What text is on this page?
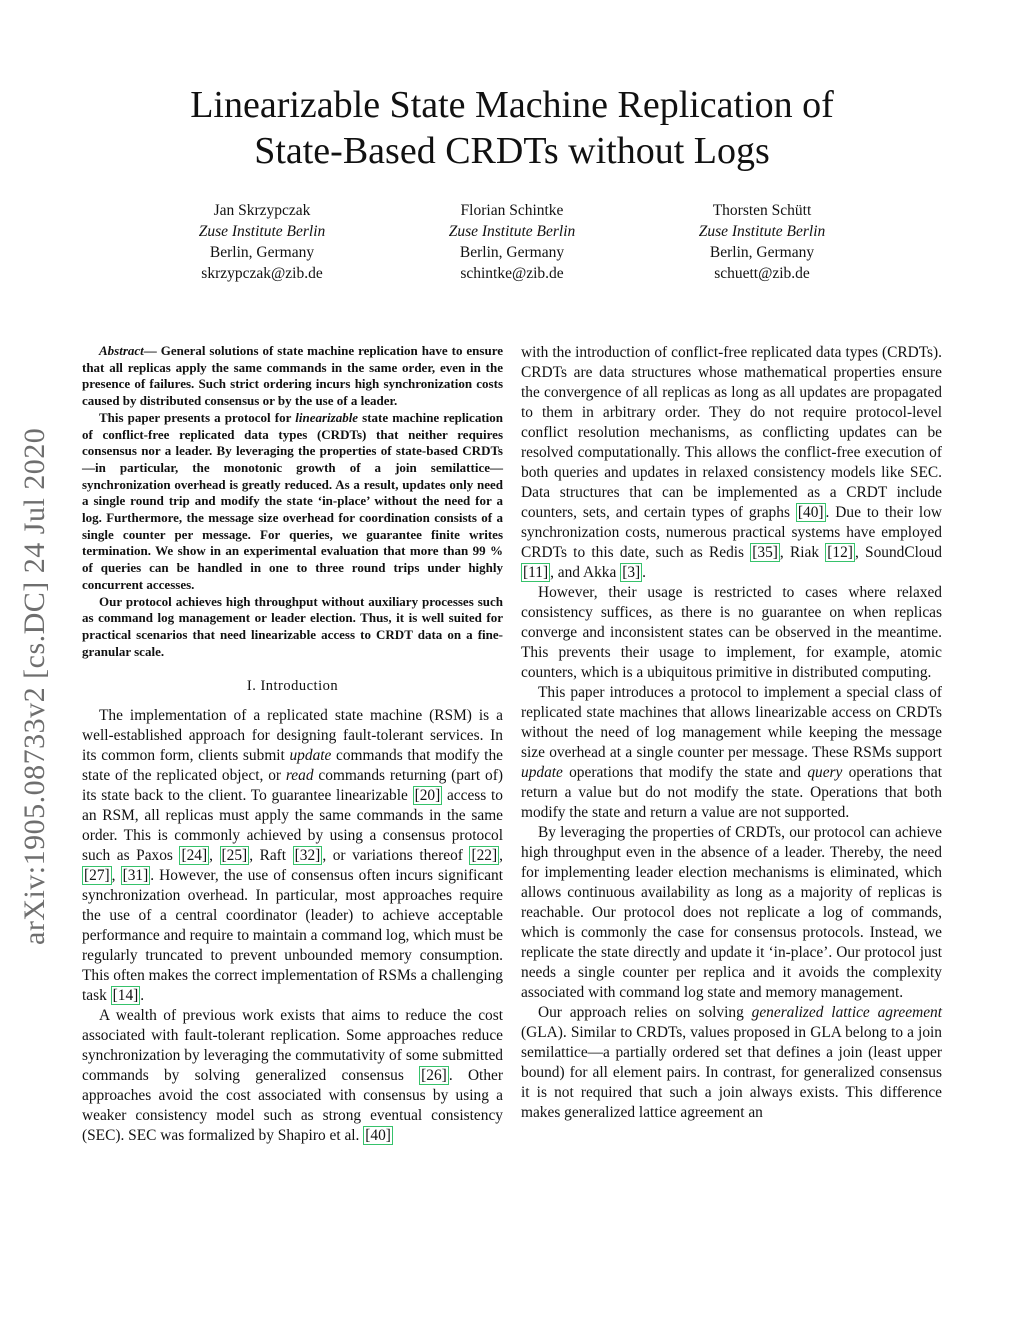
arXiv:1905.08733v2 [cs.DC] 24 Jul 2020
Linearizable State Machine Replication of
State-Based CRDTs without Logs
Jan Skrzypczak
Zuse Institute Berlin
Berlin, Germany
skrzypczak@zib.de
Florian Schintke
Zuse Institute Berlin
Berlin, Germany
schintke@zib.de
Thorsten Schütt
Zuse Institute Berlin
Berlin, Germany
schuett@zib.de

Abstract— General solutions of state machine replication have to ensure that all replicas apply the same commands in the same order, even in the presence of failures. Such strict ordering incurs high synchronization costs caused by distributed consensus or by the use of a leader.

This paper presents a protocol for linearizable state machine replication of conflict-free replicated data types (CRDTs) that neither requires consensus nor a leader. By leveraging the properties of state-based CRDTs—in particular, the monotonic growth of a join semilattice—synchronization overhead is greatly reduced. As a result, updates only need a single round trip and modify the state ‘in-place’ without the need for a log. Furthermore, the message size overhead for coordination consists of a single counter per message. For queries, we guarantee finite writes termination. We show in an experimental evaluation that more than 99 % of queries can be handled in one to three round trips under highly concurrent accesses.

Our protocol achieves high throughput without auxiliary processes such as command log management or leader election. Thus, it is well suited for practical scenarios that need linearizable access to CRDT data on a fine-granular scale.

I. Introduction

The implementation of a replicated state machine (RSM) is a well-established approach for designing fault-tolerant services. In its common form, clients submit update commands that modify the state of the replicated object, or read commands returning (part of) its state back to the client. To guarantee linearizable [20] access to an RSM, all replicas must apply the same commands in the same order. This is commonly achieved by using a consensus protocol such as Paxos [24] , [25] , Raft [32] , or variations thereof [22] , [27] , [31] . However, the use of consensus often incurs significant synchronization overhead. In particular, most approaches require the use of a central coordinator (leader) to achieve acceptable performance and require to maintain a command log, which must be regularly truncated to prevent unbounded memory consumption. This often makes the correct implementation of RSMs a challenging task [14] .

A wealth of previous work exists that aims to reduce the cost associated with fault-tolerant replication. Some approaches reduce synchronization by leveraging the commutativity of some submitted commands by solving generalized consensus [26] . Other approaches avoid the cost associated with consensus by using a weaker consistency model such as strong eventual consistency (SEC). SEC was formalized by Shapiro et al. [40]

with the introduction of conflict-free replicated data types (CRDTs). CRDTs are data structures whose mathematical properties ensure the convergence of all replicas as long as all updates are propagated to them in arbitrary order. They do not require protocol-level conflict resolution mechanisms, as conflicting updates can be resolved computationally. This allows the conflict-free execution of both queries and updates in relaxed consistency models like SEC. Data structures that can be implemented as a CRDT include counters, sets, and certain types of graphs [40] . Due to their low synchronization costs, numerous practical systems have employed CRDTs to this date, such as Redis [35] , Riak [12] , SoundCloud [11] , and Akka [3] .

However, their usage is restricted to cases where relaxed consistency suffices, as there is no guarantee on when replicas converge and inconsistent states can be observed in the meantime. This prevents their usage to implement, for example, atomic counters, which is a ubiquitous primitive in distributed computing.

This paper introduces a protocol to implement a special class of replicated state machines that allows linearizable access on CRDTs without the need of log management while keeping the message size overhead at a single counter per message. These RSMs support update operations that modify the state and query operations that return a value but do not modify the state. Operations that both modify the state and return a value are not supported.

By leveraging the properties of CRDTs, our protocol can achieve high throughput even in the absence of a leader. Thereby, the need for implementing leader election mechanisms is eliminated, which allows continuous availability as long as a majority of replicas is reachable. Our protocol does not replicate a log of commands, which is commonly the case for consensus protocols. Instead, we replicate the state directly and update it ‘in-place’. Our protocol just needs a single counter per replica and it avoids the complexity associated with command log state and memory management.

Our approach relies on solving generalized lattice agreement (GLA). Similar to CRDTs, values proposed in GLA belong to a join semilattice—a partially ordered set that defines a join (least upper bound) for all element pairs. In contrast, for generalized consensus it is not required that such a join always exists. This difference makes generalized lattice agreement an
